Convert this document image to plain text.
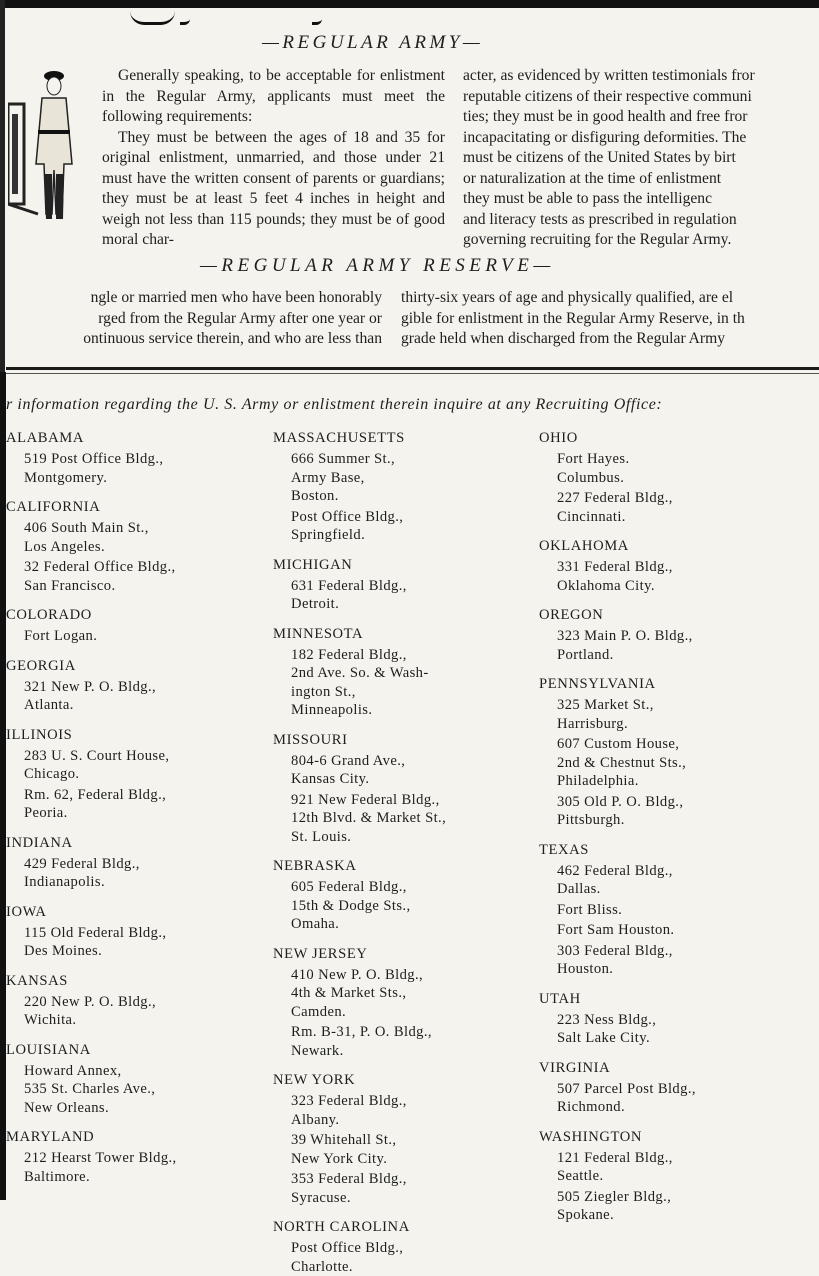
—REGULAR ARMY—

Generally speaking, to be acceptable for enlistment in the Regular Army, applicants must meet the following requirements:

They must be between the ages of 18 and 35 for original enlistment, unmarried, and those under 21 must have the written consent of parents or guardians; they must be at least 5 feet 4 inches in height and weigh not less than 115 pounds; they must be of good moral char-

acter, as evidenced by written testimonials fror
reputable citizens of their respective communi
ties; they must be in good health and free fror
incapacitating or disfiguring deformities. The
must be citizens of the United States by birt
or naturalization at the time of enlistment
they must be able to pass the intelligenc
and literacy tests as prescribed in regulation
governing recruiting for the Regular Army.
—REGULAR ARMY RESERVE—
ngle or married men who have been honorably
rged from the Regular Army after one year or
ontinuous service therein, and who are less than
thirty-six years of age and physically qualified, are el
gible for enlistment in the Regular Army Reserve, in th
grade held when discharged from the Regular Army
r information regarding the U. S. Army or enlistment therein inquire at any Recruiting Office:
ALABAMA
519 Post Office Bldg.,
Montgomery.
CALIFORNIA
406 South Main St.,
Los Angeles.
32 Federal Office Bldg.,
San Francisco.
COLORADO
Fort Logan.
GEORGIA
321 New P. O. Bldg.,
Atlanta.
ILLINOIS
283 U. S. Court House,
Chicago.
Rm. 62, Federal Bldg.,
Peoria.
INDIANA
429 Federal Bldg.,
Indianapolis.
IOWA
115 Old Federal Bldg.,
Des Moines.
KANSAS
220 New P. O. Bldg.,
Wichita.
LOUISIANA
Howard Annex,
535 St. Charles Ave.,
New Orleans.
MARYLAND
212 Hearst Tower Bldg.,
Baltimore.
MASSACHUSETTS
666 Summer St.,
Army Base,
Boston.
Post Office Bldg.,
Springfield.
MICHIGAN
631 Federal Bldg.,
Detroit.
MINNESOTA
182 Federal Bldg.,
2nd Ave. So. & Wash-
ington St.,
Minneapolis.
MISSOURI
804-6 Grand Ave.,
Kansas City.
921 New Federal Bldg.,
12th Blvd. & Market St.,
St. Louis.
NEBRASKA
605 Federal Bldg.,
15th & Dodge Sts.,
Omaha.
NEW JERSEY
410 New P. O. Bldg.,
4th & Market Sts.,
Camden.
Rm. B-31, P. O. Bldg.,
Newark.
NEW YORK
323 Federal Bldg.,
Albany.
39 Whitehall St.,
New York City.
353 Federal Bldg.,
Syracuse.
NORTH CAROLINA
Post Office Bldg.,
Charlotte.
OHIO
Fort Hayes.
Columbus.
227 Federal Bldg.,
Cincinnati.
OKLAHOMA
331 Federal Bldg.,
Oklahoma City.
OREGON
323 Main P. O. Bldg.,
Portland.
PENNSYLVANIA
325 Market St.,
Harrisburg.
607 Custom House,
2nd & Chestnut Sts.,
Philadelphia.
305 Old P. O. Bldg.,
Pittsburgh.
TEXAS
462 Federal Bldg.,
Dallas.
Fort Bliss.
Fort Sam Houston.
303 Federal Bldg.,
Houston.
UTAH
223 Ness Bldg.,
Salt Lake City.
VIRGINIA
507 Parcel Post Bldg.,
Richmond.
WASHINGTON
121 Federal Bldg.,
Seattle.
505 Ziegler Bldg.,
Spokane.
